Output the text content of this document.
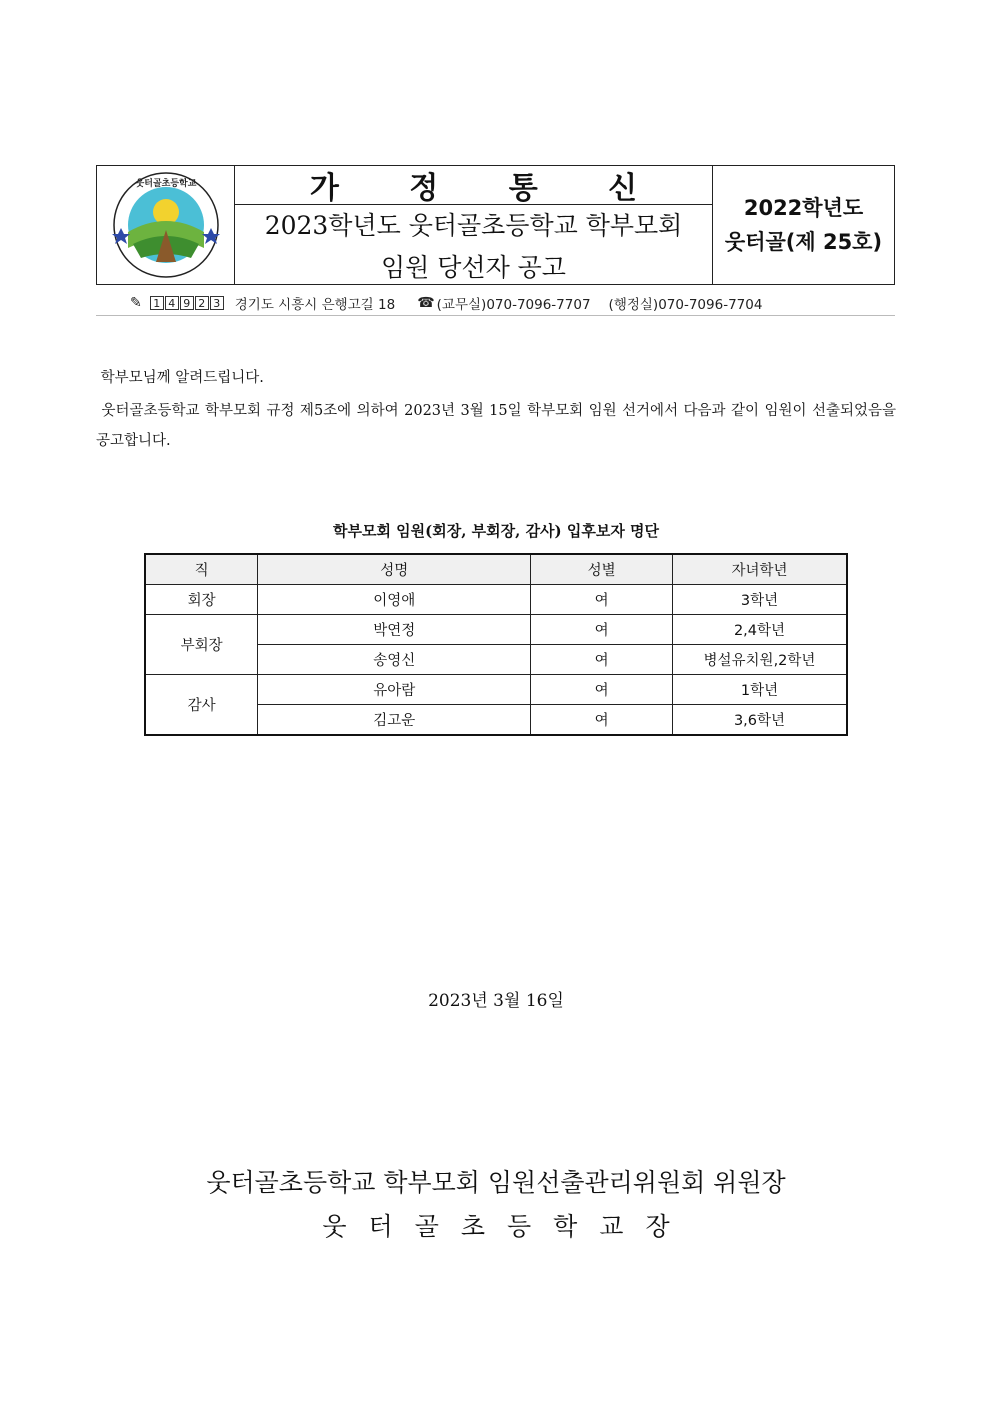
웃터골초등학교	가 정 통 신
2023학년도 웃터골초등학교 학부모회
임원 당선자 공고
2022학년도
웃터골(제 25호)
✎	1 4 9 2 3 경기도 시흥시 은행고길 18 ☎ (교무실)070-7096-7707 (행정실)070-7096-7704
학부모님께 알려드립니다.
웃터골초등학교 학부모회 규정 제5조에 의하여 2023년 3월 15일 학부모회 임원 선거에서 다음과 같이 임원이 선출되었음을 공고합니다.
학부모회 임원(회장, 부회장, 감사) 입후보자 명단
직	성명	성별	자녀학년
회장	이영애	여	3학년
부회장	박연정	여	2,4학년
	송영신	여	병설유치원,2학년
감사	유아람	여	1학년
	김고운	여	3,6학년
2023년 3월 16일
웃터골초등학교 학부모회 임원선출관리위원회 위원장
웃터골초등학교장
